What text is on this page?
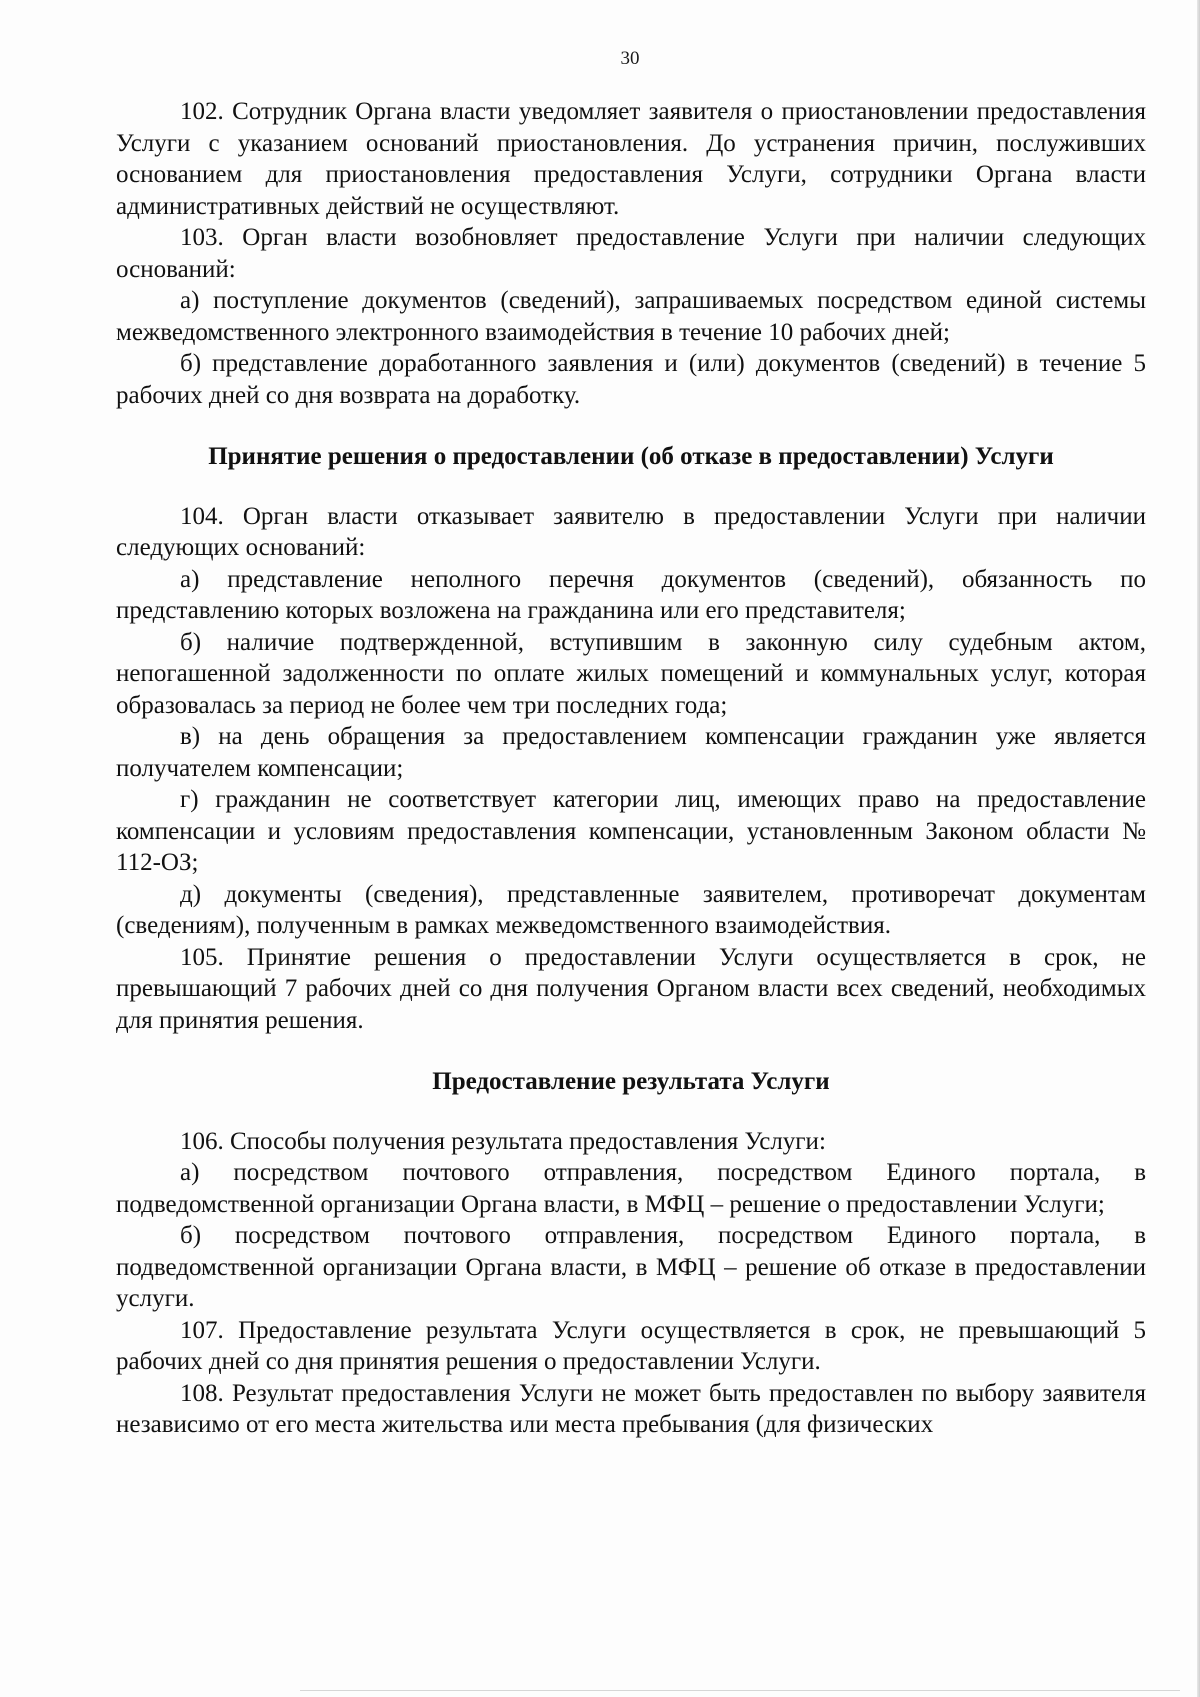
30

102. Сотрудник Органа власти уведомляет заявителя о приостановлении предоставления Услуги с указанием оснований приостановления. До устранения причин, послуживших основанием для приостановления предоставления Услуги, сотрудники Органа власти административных действий не осуществляют.

103. Орган власти возобновляет предоставление Услуги при наличии следующих оснований:

а) поступление документов (сведений), запрашиваемых посредством единой системы межведомственного электронного взаимодействия в течение 10 рабочих дней;

б) представление доработанного заявления и (или) документов (сведений) в течение 5 рабочих дней со дня возврата на доработку.

Принятие решения о предоставлении (об отказе в предоставлении) Услуги

104. Орган власти отказывает заявителю в предоставлении Услуги при наличии следующих оснований:

а) представление неполного перечня документов (сведений), обязанность по представлению которых возложена на гражданина или его представителя;

б) наличие подтвержденной, вступившим в законную силу судебным актом, непогашенной задолженности по оплате жилых помещений и коммунальных услуг, которая образовалась за период не более чем три последних года;

в) на день обращения за предоставлением компенсации гражданин уже является получателем компенсации;

г) гражданин не соответствует категории лиц, имеющих право на предоставление компенсации и условиям предоставления компенсации, установленным Законом области № 112-ОЗ;

д) документы (сведения), представленные заявителем, противоречат документам (сведениям), полученным в рамках межведомственного взаимодействия.

105. Принятие решения о предоставлении Услуги осуществляется в срок, не превышающий 7 рабочих дней со дня получения Органом власти всех сведений, необходимых для принятия решения.

Предоставление результата Услуги

106. Способы получения результата предоставления Услуги:

а) посредством почтового отправления, посредством Единого портала, в подведомственной организации Органа власти, в МФЦ – решение о предоставлении Услуги;

б) посредством почтового отправления, посредством Единого портала, в подведомственной организации Органа власти, в МФЦ – решение об отказе в предоставлении услуги.

107. Предоставление результата Услуги осуществляется в срок, не превышающий 5 рабочих дней со дня принятия решения о предоставлении Услуги.

108. Результат предоставления Услуги не может быть предоставлен по выбору заявителя независимо от его места жительства или места пребывания (для физических
